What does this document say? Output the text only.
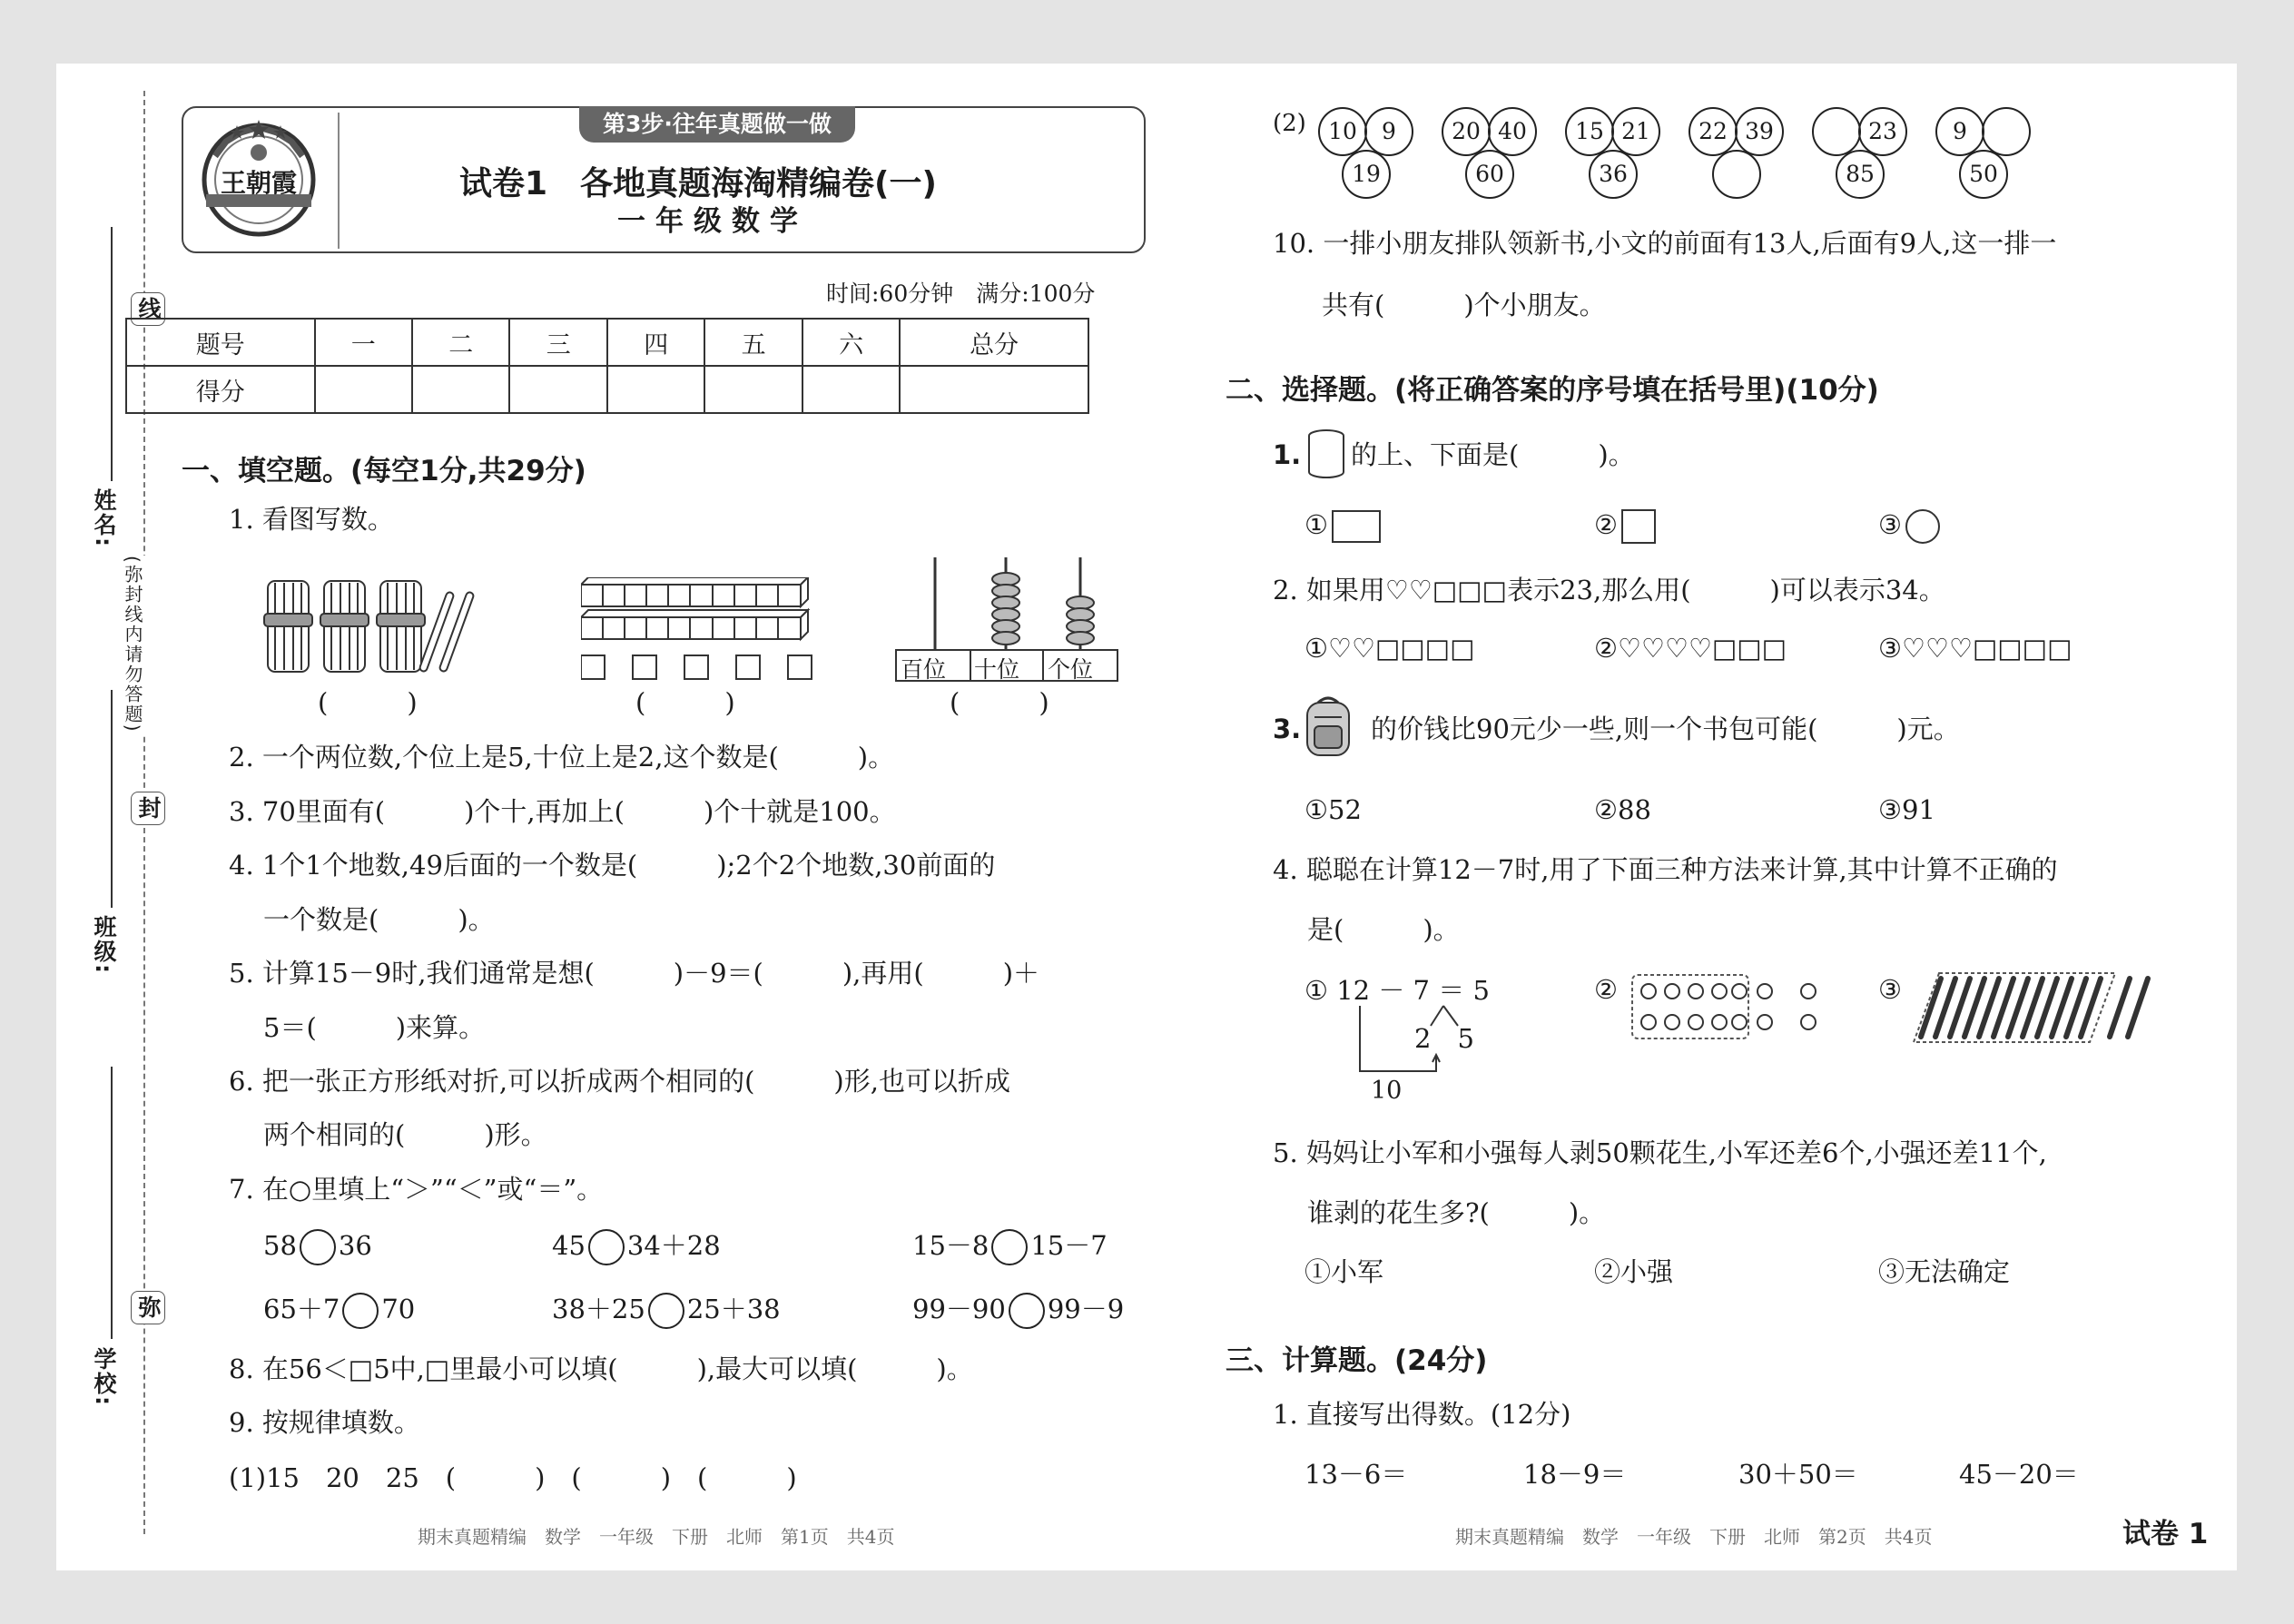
线
封
弥
(弥封线内请勿答题)
姓名:
班级:
学校:
王朝霞
第3步·往年真题做一做
试卷1　各地真题海淘精编卷(一)
一年级数学
时间:60分钟　满分:100分
题号	一	二	三	四	五	六	总分
得分							
一、填空题。(每空1分,共29分)
1. 看图写数。
(　　　)	(　　　)
百位 十位 个位
(　　　)
2. 一个两位数,个位上是5,十位上是2,这个数是(　　　)。
3. 70里面有(　　　)个十,再加上(　　　)个十就是100。
4. 1个1个地数,49后面的一个数是(　　　);2个2个地数,30前面的
一个数是(　　　)。
5. 计算15－9时,我们通常是想(　　　)－9＝(　　　),再用(　　　)＋
5＝(　　　)来算。
6. 把一张正方形纸对折,可以折成两个相同的(　　　)形,也可以折成
两个相同的(　　　)形。
7. 在○里填上“＞”“＜”或“＝”。
58 36	45 34＋28	15－8 15－7
65＋7 70	38＋25 25＋38	99－90 99－9
8. 在56＜□5中,□里最小可以填(　　　),最大可以填(　　　)。
9. 按规律填数。
(1)15　20　25　(　　　)　(　　　)　(　　　)
期末真题精编　数学　一年级　下册　北师　第1页　共4页
(2) 10	9
19
20 40
60
15 21
36
22 39	23
85
9
50
10. 一排小朋友排队领新书,小文的前面有13人,后面有9人,这一排一
共有(　　　)个小朋友。
二、选择题。(将正确答案的序号填在括号里)(10分)
1. 的上、下面是(　　　)。
①	②	③
2. 如果用♡♡□□□表示23,那么用(　　　)可以表示34。
①♡♡□□□□	②♡♡♡♡□□□	③♡♡♡□□□□
3.	的价钱比90元少一些,则一个书包可能(　　　)元。
①52	②88	③91
4. 聪聪在计算12－7时,用了下面三种方法来计算,其中计算不正确的
是(　　　)。
① 12 － 7 ＝ 5
2　5
10
②	③
5. 妈妈让小军和小强每人剥50颗花生,小军还差6个,小强还差11个,
谁剥的花生多?(　　　)。
①小军	②小强	③无法确定
三、计算题。(24分)
1. 直接写出得数。(12分)
13－6＝	18－9＝	30＋50＝	45－20＝
期末真题精编　数学　一年级　下册　北师　第2页　共4页	试卷 1
